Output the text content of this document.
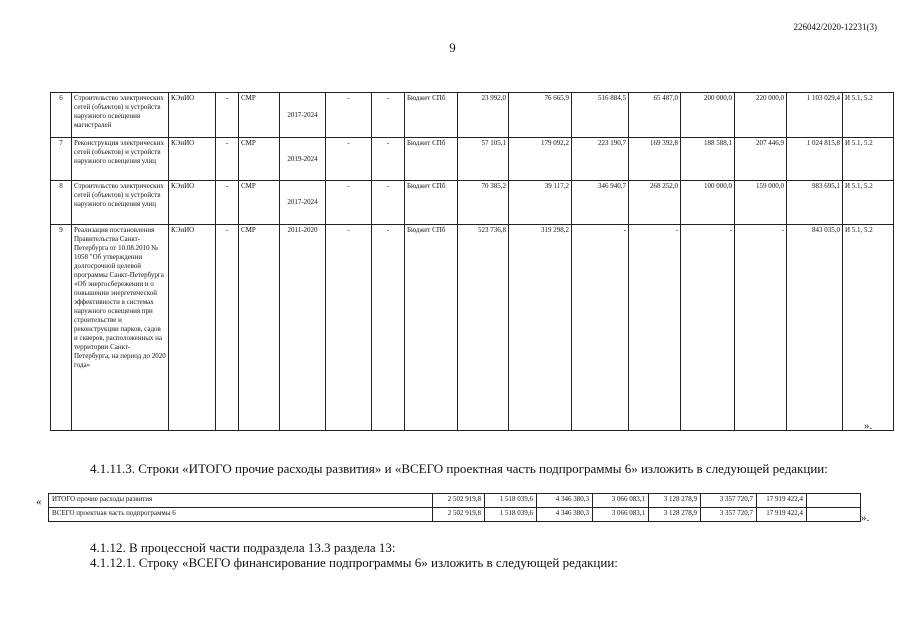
226042/2020-12231(3)
9
6	Строительство электрических сетей (объектов) и устройств наружного освещения магистралей	КЭиИО	-	СМР	2017-2024	-	-	Бюджет СПб	23 992,0	76 665,9	516 884,5	65 487,0	200 000,0	220 000,0	1 103 029,4	И 5.1, 5.2
7	Реконструкция электрических сетей (объектов) и устройств наружного освещения улиц	КЭиИО	-	СМР	2019-2024	-	-	Бюджет СПб	57 105,1	179 092,2	223 190,7	169 392,8	188 588,1	207 446,9	1 024 815,8	И 5.1, 5.2
8	Строительство электрических сетей (объектов) и устройств наружного освещения улиц	КЭиИО	-	СМР	2017-2024	-	-	Бюджет СПб	70 385,2	39 117,2	346 940,7	268 252,0	100 000,0	159 000,0	983 695,1	И 5.1, 5.2
9	Реализация постановления Правительства Санкт-Петербурга от 10.08.2010 № 1058 "Об утверждении долгосрочной целевой программы Санкт-Петербурга «Об энергосбережении и о повышении энергетической эффективности в системах наружного освещения при строительстве и реконструкции парков, садов и скверов, расположенных на территории Санкт-Петербурга, на период до 2020 года»	КЭиИО	-	СМР	2011-2020	-	-	Бюджет СПб	523 736,8	319 298,2	-	-	-	-	843 035,0	И 5.1, 5.2
».
4.1.11.3. Строки «ИТОГО прочие расходы развития» и «ВСЕГО проектная часть подпрограммы 6» изложить в следующей редакции:
« ИТОГО прочие расходы развития	2 502 919,8	1 518 039,6	4 346 380,3	3 066 083,1	3 128 278,9	3 357 720,7	17 919 422,4	
ВСЕГО проектная часть подпрограммы 6	2 502 919,8	1 518 039,6	4 346 380,3	3 066 083,1	3 128 278,9	3 357 720,7	17 919 422,4		».
4.1.12. В процессной части подраздела 13.3 раздела 13:
4.1.12.1. Строку «ВСЕГО финансирование подпрограммы 6» изложить в следующей редакции:
